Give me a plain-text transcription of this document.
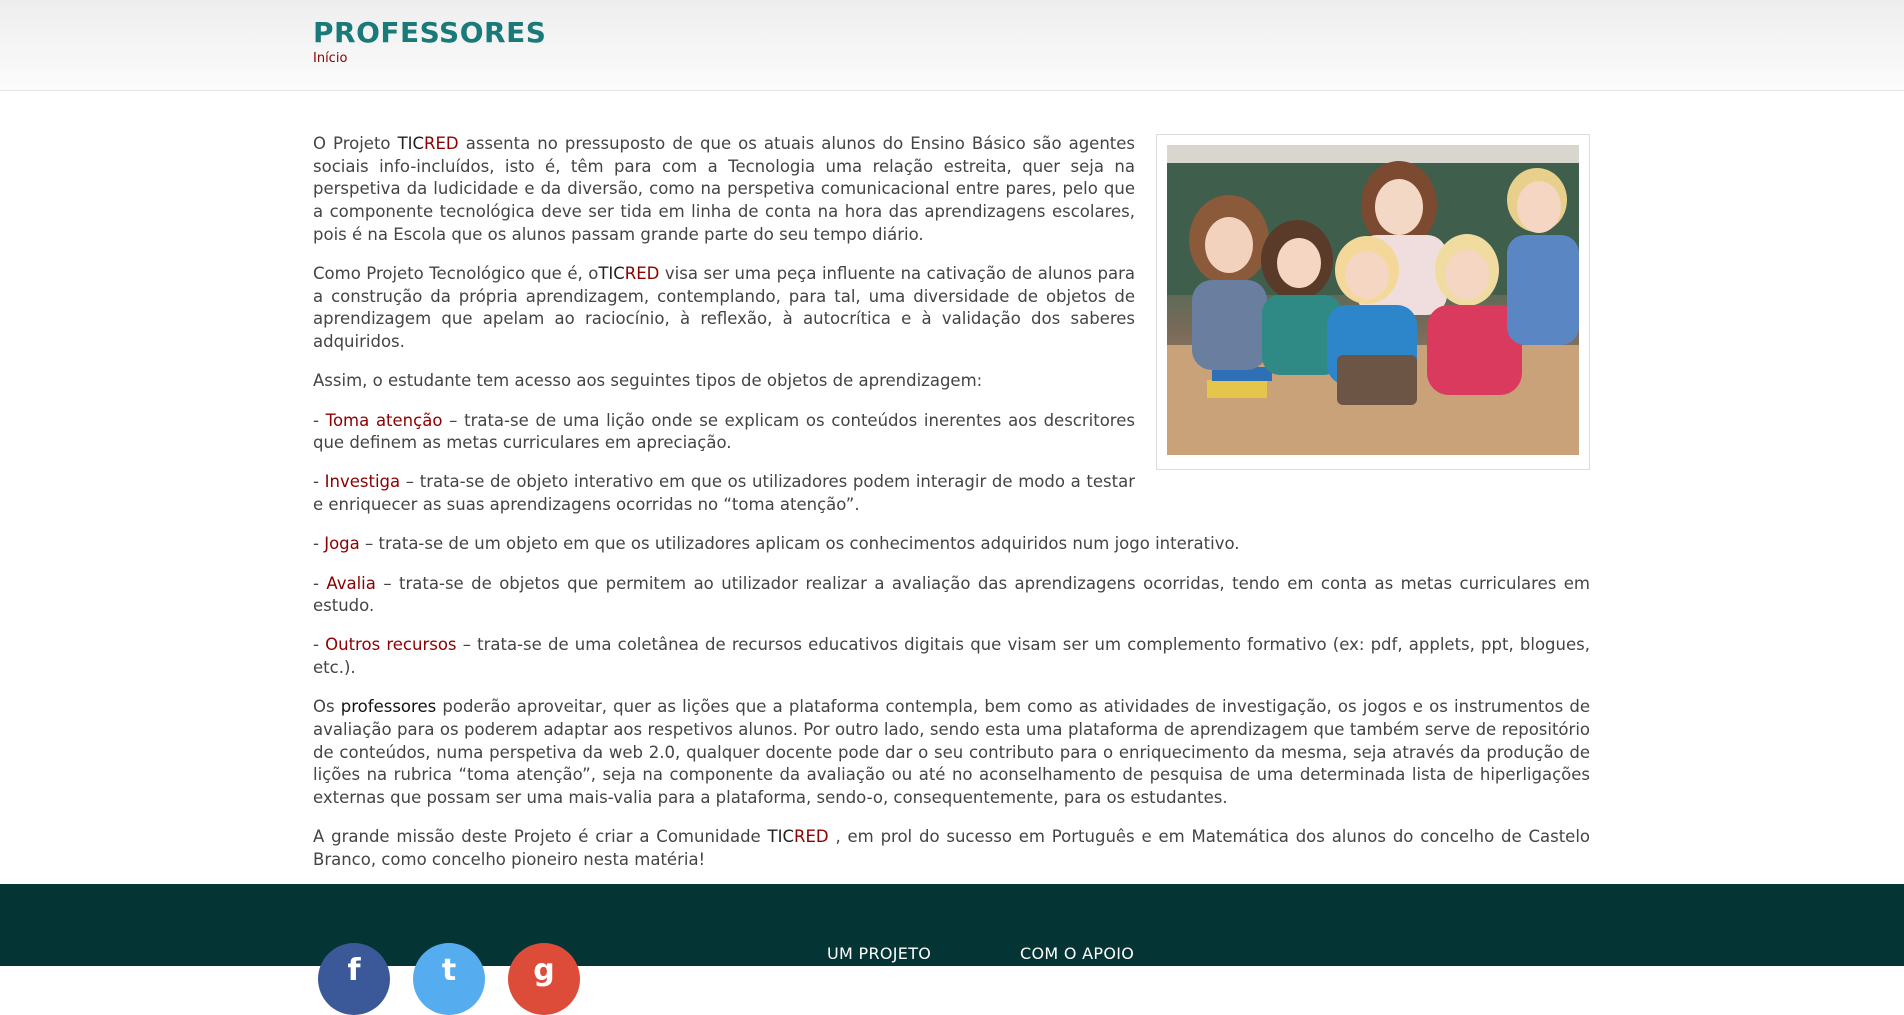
PROFESSORES
Início

O Projeto TICRED assenta no pressuposto de que os atuais alunos do Ensino Básico são agentes sociais info-incluídos, isto é, têm para com a Tecnologia uma relação estreita, quer seja na perspetiva da ludicidade e da diversão, como na perspetiva comunicacional entre pares, pelo que a componente tecnológica deve ser tida em linha de conta na hora das aprendizagens escolares, pois é na Escola que os alunos passam grande parte do seu tempo diário.

Como Projeto Tecnológico que é, oTICRED visa ser uma peça influente na cativação de alunos para a construção da própria aprendizagem, contemplando, para tal, uma diversidade de objetos de aprendizagem que apelam ao raciocínio, à reflexão, à autocrítica e à validação dos saberes adquiridos.

Assim, o estudante tem acesso aos seguintes tipos de objetos de aprendizagem:

- Toma atenção – trata-se de uma lição onde se explicam os conteúdos inerentes aos descritores que definem as metas curriculares em apreciação.

- Investiga – trata-se de objeto interativo em que os utilizadores podem interagir de modo a testar e enriquecer as suas aprendizagens ocorridas no “toma atenção”.

- Joga – trata-se de um objeto em que os utilizadores aplicam os conhecimentos adquiridos num jogo interativo.

- Avalia – trata-se de objetos que permitem ao utilizador realizar a avaliação das aprendizagens ocorridas, tendo em conta as metas curriculares em estudo.

- Outros recursos – trata-se de uma coletânea de recursos educativos digitais que visam ser um complemento formativo (ex: pdf, applets, ppt, blogues, etc.).

Os professores poderão aproveitar, quer as lições que a plataforma contempla, bem como as atividades de investigação, os jogos e os instrumentos de avaliação para os poderem adaptar aos respetivos alunos. Por outro lado, sendo esta uma plataforma de aprendizagem que também serve de repositório de conteúdos, numa perspetiva da web 2.0, qualquer docente pode dar o seu contributo para o enriquecimento da mesma, seja através da produção de lições na rubrica “toma atenção”, seja na componente da avaliação ou até no aconselhamento de pesquisa de uma determinada lista de hiperligações externas que possam ser uma mais-valia para a plataforma, sendo-o, consequentemente, para os estudantes.

A grande missão deste Projeto é criar a Comunidade TICRED , em prol do sucesso em Português e em Matemática dos alunos do concelho de Castelo Branco, como concelho pioneiro nesta matéria!

f	t	g	UM PROJETO	COM O APOIO
